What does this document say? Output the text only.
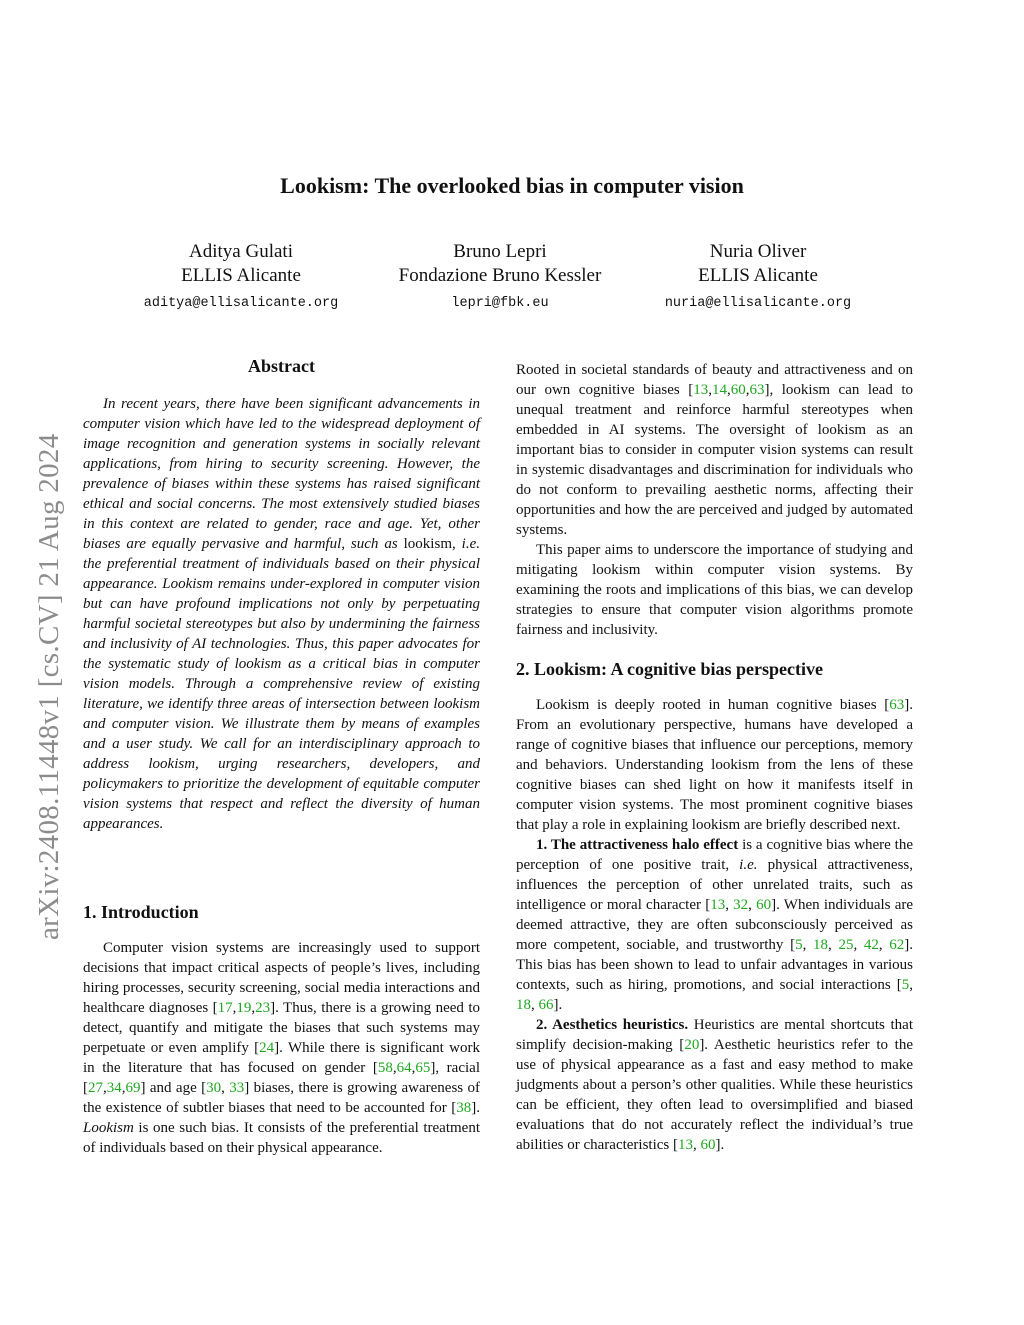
Lookism: The overlooked bias in computer vision
Aditya Gulati
ELLIS Alicante
aditya@ellisalicante.org
Bruno Lepri
Fondazione Bruno Kessler
lepri@fbk.eu
Nuria Oliver
ELLIS Alicante
nuria@ellisalicante.org
arXiv:2408.11448v1 [cs.CV] 21 Aug 2024
Abstract

In recent years, there have been significant advancements in computer vision which have led to the widespread deployment of image recognition and generation systems in socially relevant applications, from hiring to security screening. However, the prevalence of biases within these systems has raised significant ethical and social concerns. The most extensively studied biases in this context are related to gender, race and age. Yet, other biases are equally pervasive and harmful, such as lookism, i.e. the preferential treatment of individuals based on their physical appearance. Lookism remains under-explored in computer vision but can have profound implications not only by perpetuating harmful societal stereotypes but also by undermining the fairness and inclusivity of AI technologies. Thus, this paper advocates for the systematic study of lookism as a critical bias in computer vision models. Through a comprehensive review of existing literature, we identify three areas of intersection between lookism and computer vision. We illustrate them by means of examples and a user study. We call for an interdisciplinary approach to address lookism, urging researchers, developers, and policymakers to prioritize the development of equitable computer vision systems that respect and reflect the diversity of human appearances.

1. Introduction

Computer vision systems are increasingly used to support decisions that impact critical aspects of people’s lives, including hiring processes, security screening, social media interactions and healthcare diagnoses [17,19,23]. Thus, there is a growing need to detect, quantify and mitigate the biases that such systems may perpetuate or even amplify [24]. While there is significant work in the literature that has focused on gender [58,64,65], racial [27,34,69] and age [30, 33] biases, there is growing awareness of the existence of subtler biases that need to be accounted for [38]. Lookism is one such bias. It consists of the preferential treatment of individuals based on their physical appearance.

Rooted in societal standards of beauty and attractiveness and on our own cognitive biases [13,14,60,63], lookism can lead to unequal treatment and reinforce harmful stereotypes when embedded in AI systems. The oversight of lookism as an important bias to consider in computer vision systems can result in systemic disadvantages and discrimination for individuals who do not conform to prevailing aesthetic norms, affecting their opportunities and how the are perceived and judged by automated systems.

This paper aims to underscore the importance of studying and mitigating lookism within computer vision systems. By examining the roots and implications of this bias, we can develop strategies to ensure that computer vision algorithms promote fairness and inclusivity.

2. Lookism: A cognitive bias perspective

Lookism is deeply rooted in human cognitive biases [63]. From an evolutionary perspective, humans have developed a range of cognitive biases that influence our perceptions, memory and behaviors. Understanding lookism from the lens of these cognitive biases can shed light on how it manifests itself in computer vision systems. The most prominent cognitive biases that play a role in explaining lookism are briefly described next.

1. The attractiveness halo effect is a cognitive bias where the perception of one positive trait, i.e. physical attractiveness, influences the perception of other unrelated traits, such as intelligence or moral character [13, 32, 60]. When individuals are deemed attractive, they are often subconsciously perceived as more competent, sociable, and trustworthy [5, 18, 25, 42, 62]. This bias has been shown to lead to unfair advantages in various contexts, such as hiring, promotions, and social interactions [5, 18, 66].

2. Aesthetics heuristics. Heuristics are mental shortcuts that simplify decision-making [20]. Aesthetic heuristics refer to the use of physical appearance as a fast and easy method to make judgments about a person’s other qualities. While these heuristics can be efficient, they often lead to oversimplified and biased evaluations that do not accurately reflect the individual’s true abilities or characteristics [13, 60].
